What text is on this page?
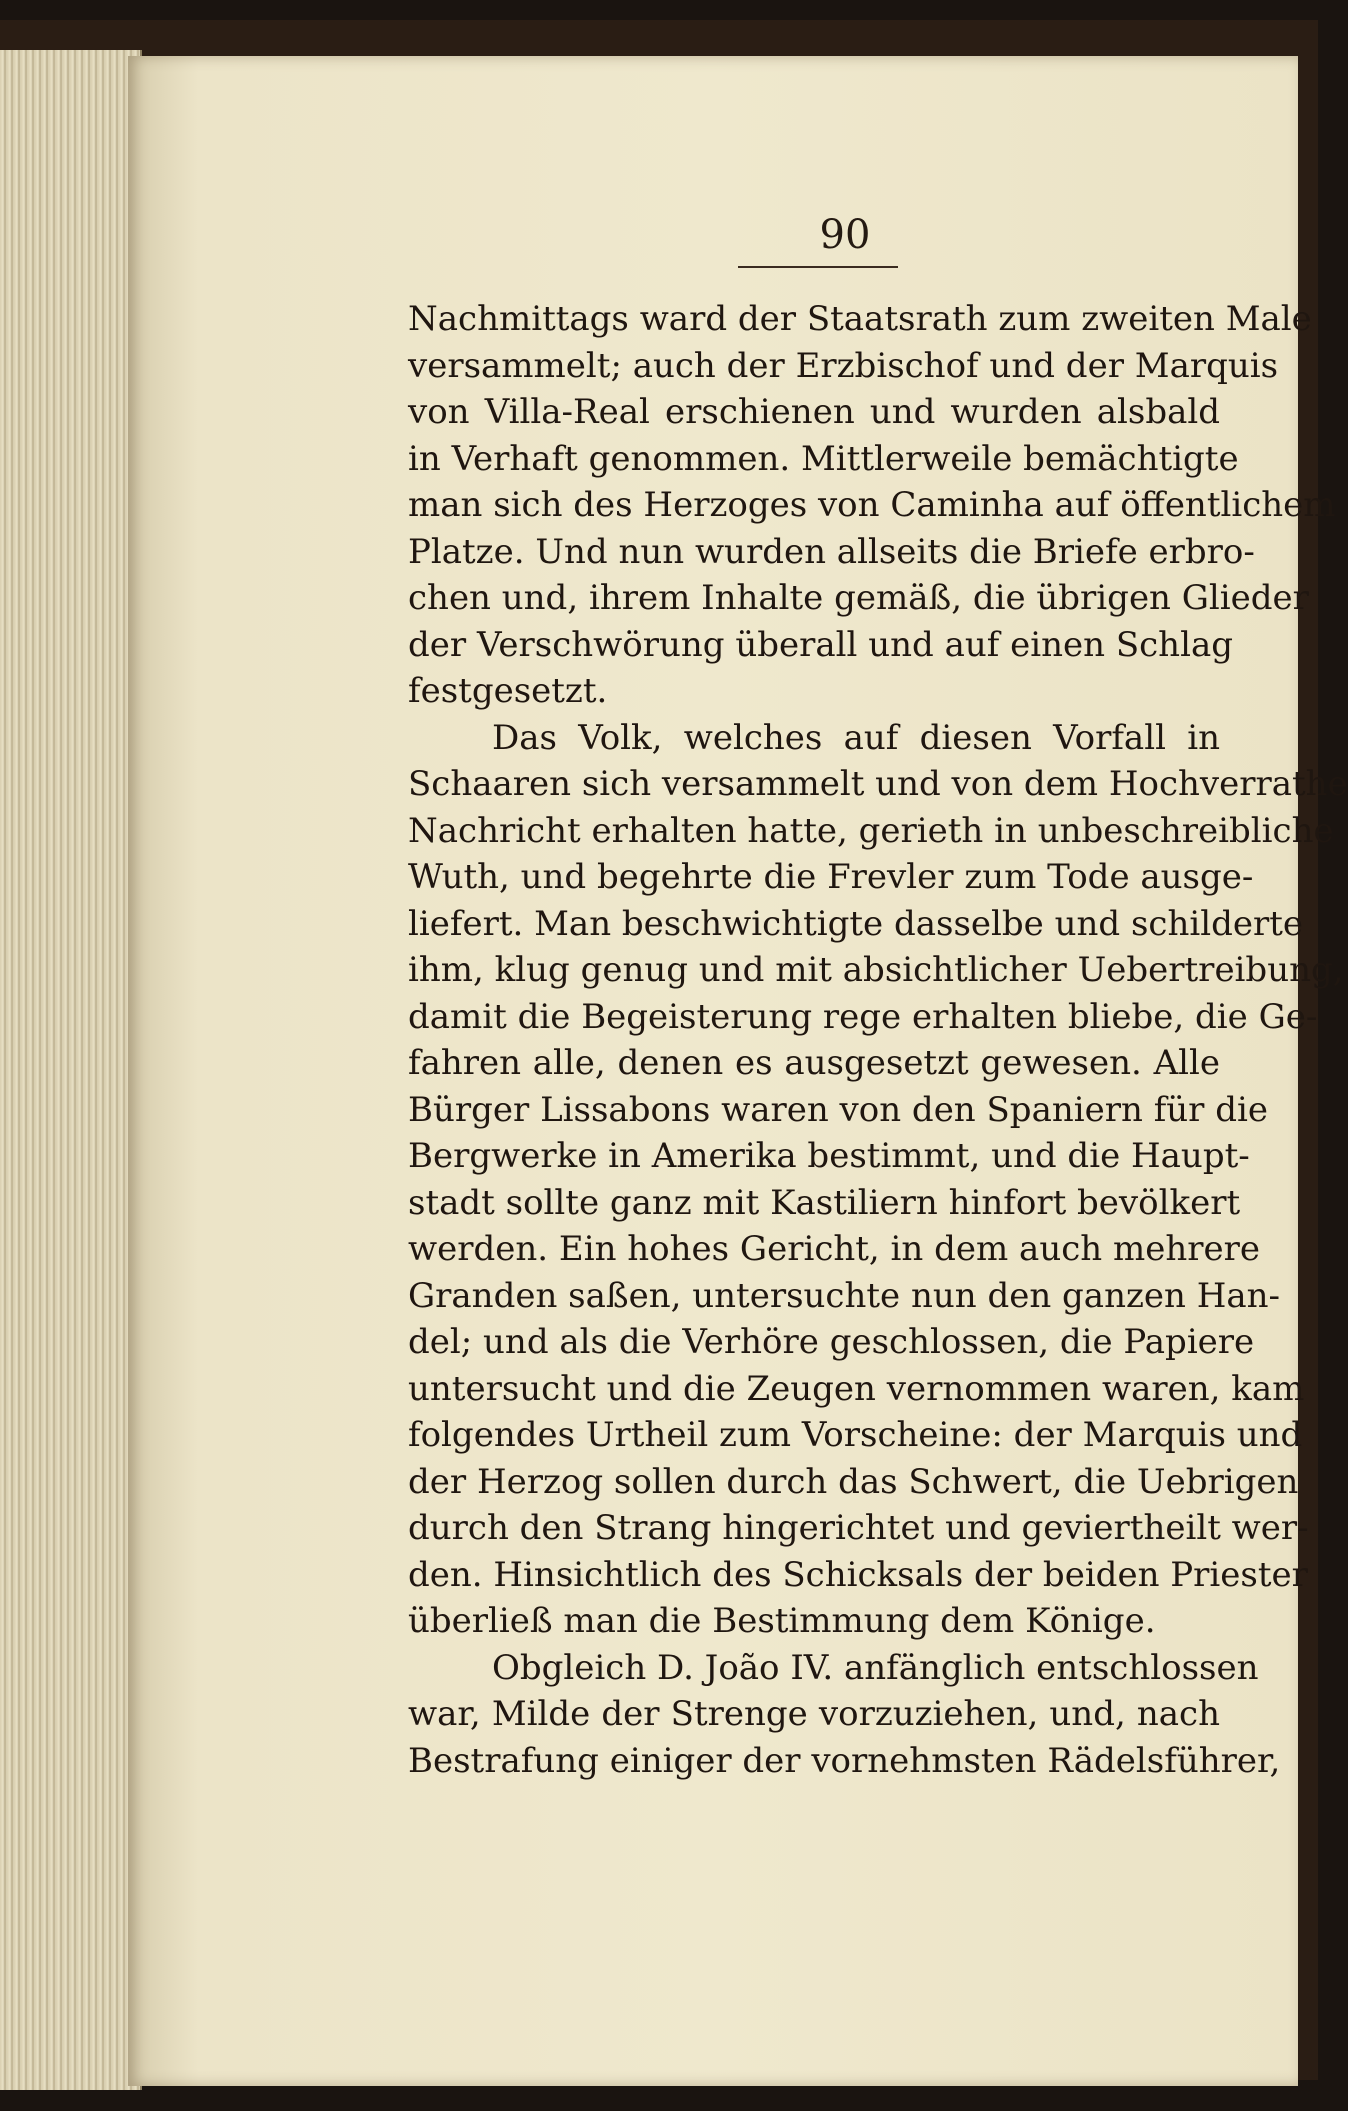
90
Nachmittags ward der Staatsrath zum zweiten Male
versammelt; auch der Erzbischof und der Marquis
von Villa-Real erschienen und wurden alsbald
in Verhaft genommen. Mittlerweile bemächtigte
man sich des Herzoges von Caminha auf öffentlichem
Platze. Und nun wurden allseits die Briefe erbro-
chen und, ihrem Inhalte gemäß, die übrigen Glieder
der Verschwörung überall und auf einen Schlag
festgesetzt.
Das Volk, welches auf diesen Vorfall in
Schaaren sich versammelt und von dem Hochverrathe
Nachricht erhalten hatte, gerieth in unbeschreibliche
Wuth, und begehrte die Frevler zum Tode ausge-
liefert. Man beschwichtigte dasselbe und schilderte
ihm, klug genug und mit absichtlicher Uebertreibung,
damit die Begeisterung rege erhalten bliebe, die Ge-
fahren alle, denen es ausgesetzt gewesen. Alle
Bürger Lissabons waren von den Spaniern für die
Bergwerke in Amerika bestimmt, und die Haupt-
stadt sollte ganz mit Kastiliern hinfort bevölkert
werden. Ein hohes Gericht, in dem auch mehrere
Granden saßen, untersuchte nun den ganzen Han-
del; und als die Verhöre geschlossen, die Papiere
untersucht und die Zeugen vernommen waren, kam
folgendes Urtheil zum Vorscheine: der Marquis und
der Herzog sollen durch das Schwert, die Uebrigen
durch den Strang hingerichtet und geviertheilt wer-
den. Hinsichtlich des Schicksals der beiden Priester
überließ man die Bestimmung dem Könige.
Obgleich D. João IV. anfänglich entschlossen
war, Milde der Strenge vorzuziehen, und, nach
Bestrafung einiger der vornehmsten Rädelsführer,
